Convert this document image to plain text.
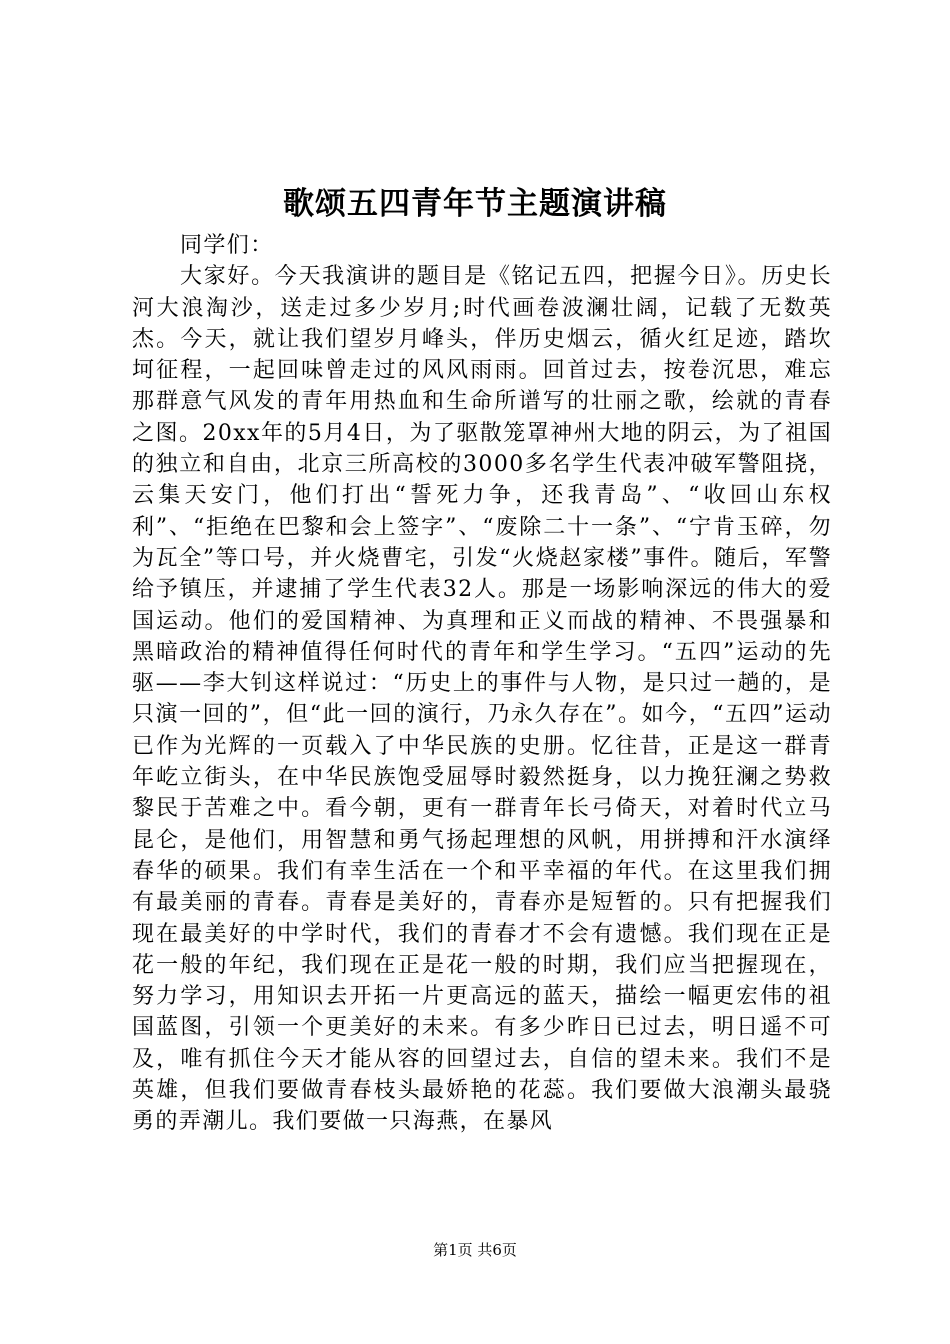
歌颂五四青年节主题演讲稿

同学们：

大家好。今天我演讲的题目是《铭记五四，把握今日》。历史长河大浪淘沙，送走过多少岁月;时代画卷波澜壮阔，记载了无数英杰。今天，就让我们望岁月峰头，伴历史烟云，循火红足迹，踏坎坷征程，一起回味曾走过的风风雨雨。回首过去，按卷沉思，难忘那群意气风发的青年用热血和生命所谱写的壮丽之歌，绘就的青春之图。20xx年的5月4日，为了驱散笼罩神州大地的阴云，为了祖国的独立和自由，北京三所高校的3000多名学生代表冲破军警阻挠，云集天安门，他们打出“誓死力争，还我青岛”、“收回山东权利”、“拒绝在巴黎和会上签字”、“废除二十一条”、“宁肯玉碎，勿为瓦全”等口号，并火烧曹宅，引发“火烧赵家楼”事件。随后，军警给予镇压，并逮捕了学生代表32人。那是一场影响深远的伟大的爱国运动。他们的爱国精神、为真理和正义而战的精神、不畏强暴和黑暗政治的精神值得任何时代的青年和学生学习。“五四”运动的先驱——李大钊这样说过：“历史上的事件与人物，是只过一趟的，是只演一回的”，但“此一回的演行，乃永久存在”。如今，“五四”运动已作为光辉的一页载入了中华民族的史册。忆往昔，正是这一群青年屹立街头，在中华民族饱受屈辱时毅然挺身，以力挽狂澜之势救黎民于苦难之中。看今朝，更有一群青年长弓倚天，对着时代立马昆仑，是他们，用智慧和勇气扬起理想的风帆，用拼搏和汗水演绎春华的硕果。我们有幸生活在一个和平幸福的年代。在这里我们拥有最美丽的青春。青春是美好的，青春亦是短暂的。只有把握我们现在最美好的中学时代，我们的青春才不会有遗憾。我们现在正是花一般的年纪，我们现在正是花一般的时期，我们应当把握现在，努力学习，用知识去开拓一片更高远的蓝天，描绘一幅更宏伟的祖国蓝图，引领一个更美好的未来。有多少昨日已过去，明日遥不可及，唯有抓住今天才能从容的回望过去，自信的望未来。我们不是英雄，但我们要做青春枝头最娇艳的花蕊。我们要做大浪潮头最骁勇的弄潮儿。我们要做一只海燕，在暴风

第1页 共6页
